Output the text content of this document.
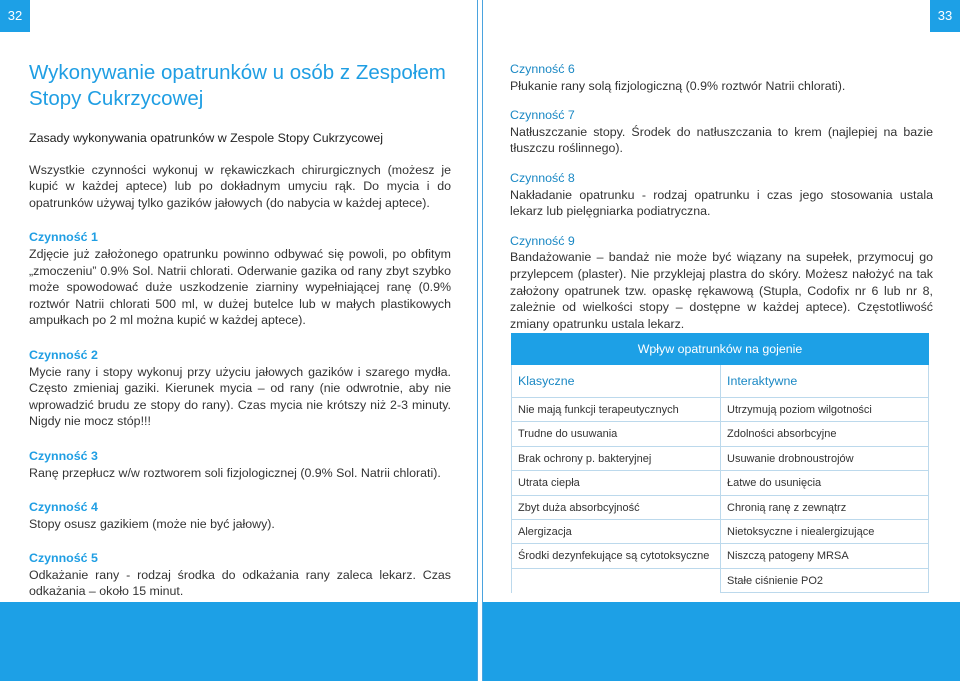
32
Wykonywanie opatrunków u osób z Zespołem
Stopy Cukrzycowej
Zasady wykonywania opatrunków w Zespole Stopy Cukrzycowej

Wszystkie czynności wykonuj w rękawiczkach chirurgicznych (możesz je kupić w każdej aptece) lub po dokładnym umyciu rąk. Do mycia i do opatrunków używaj tylko gazików jałowych (do nabycia w każdej aptece).

Czynność 1

Zdjęcie już założonego opatrunku powinno odbywać się powoli, po obfitym „zmoczeniu” 0.9% Sol. Natrii chlorati. Oderwanie gazika od rany zbyt szybko może spowodować duże uszkodzenie ziarniny wypełniającej ranę (0.9% roztwór Natrii chlorati 500 ml, w dużej butelce lub w małych plastikowych ampułkach po 2 ml można kupić w każdej aptece).

Czynność 2

Mycie rany i stopy wykonuj przy użyciu jałowych gazików i szarego mydła. Często zmieniaj gaziki. Kierunek mycia – od rany (nie odwrotnie, aby nie wprowadzić brudu ze stopy do rany). Czas mycia nie krótszy niż 2-3 minuty. Nigdy nie mocz stóp!!!

Czynność 3

Ranę przepłucz w/w roztworem soli fizjologicznej (0.9% Sol. Natrii chlorati).

Czynność 4

Stopy osusz gazikiem (może nie być jałowy).

Czynność 5

Odkażanie rany - rodzaj środka do odkażania rany zaleca lekarz. Czas odkażania – około 15 minut.

33
Czynność 6

Płukanie rany solą fizjologiczną (0.9% roztwór Natrii chlorati).

Czynność 7

Natłuszczanie stopy. Środek do natłuszczania to krem (najlepiej na bazie tłuszczu roślinnego).

Czynność 8

Nakładanie opatrunku - rodzaj opatrunku i czas jego stosowania ustala lekarz lub pielęgniarka podiatryczna.

Czynność 9

Bandażowanie – bandaż nie może być wiązany na supełek, przymocuj go przylepcem (plaster). Nie przyklejaj plastra do skóry. Możesz nałożyć na tak założony opatrunek tzw. opaskę rękawową (Stupla, Codofix nr 6 lub nr 8, zależnie od wielkości stopy – dostępne w każdej aptece). Częstotliwość zmiany opatrunku ustala lekarz.

Wpływ opatrunków na gojenie
Klasyczne
Nie mają funkcji terapeutycznych
Trudne do usuwania
Brak ochrony p. bakteryjnej
Utrata ciepła
Zbyt duża absorbcyjność
Alergizacja
Środki dezynfekujące są cytotoksyczne
Interaktywne
Utrzymują poziom wilgotności
Zdolności absorbcyjne
Usuwanie drobnoustrojów
Łatwe do usunięcia
Chronią ranę z zewnątrz
Nietoksyczne i niealergizujące
Niszczą patogeny MRSA
Stałe ciśnienie PO2
